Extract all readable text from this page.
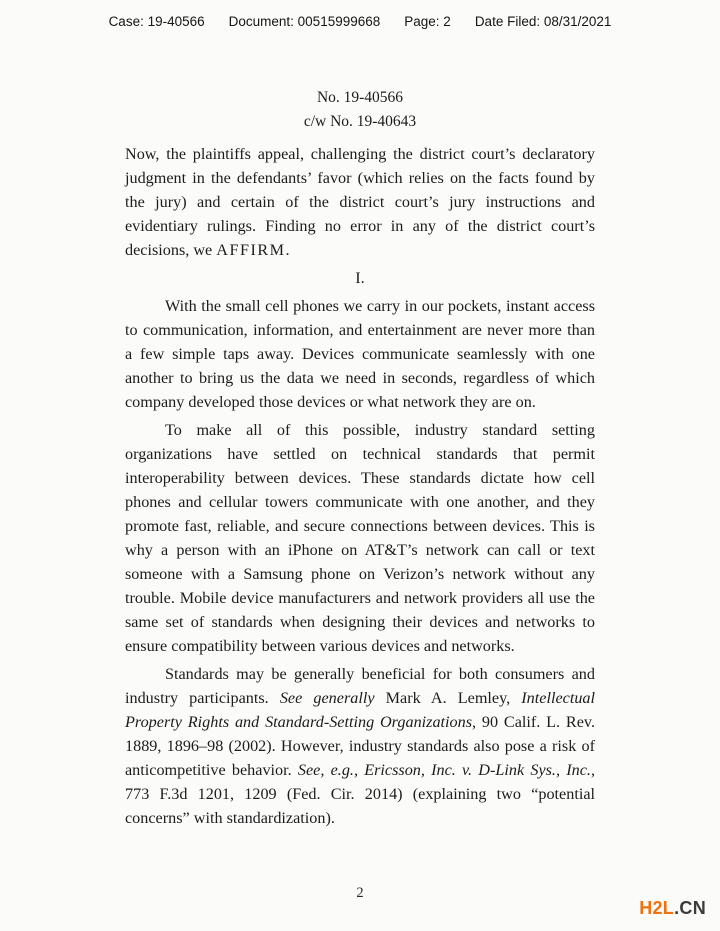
Case: 19-40566 Document: 00515999668 Page: 2 Date Filed: 08/31/2021
No. 19-40566
c/w No. 19-40643

Now, the plaintiffs appeal, challenging the district court’s declaratory judgment in the defendants’ favor (which relies on the facts found by the jury) and certain of the district court’s jury instructions and evidentiary rulings. Finding no error in any of the district court’s decisions, we AFFIRM.

I.

With the small cell phones we carry in our pockets, instant access to communication, information, and entertainment are never more than a few simple taps away. Devices communicate seamlessly with one another to bring us the data we need in seconds, regardless of which company developed those devices or what network they are on.

To make all of this possible, industry standard setting organizations have settled on technical standards that permit interoperability between devices. These standards dictate how cell phones and cellular towers communicate with one another, and they promote fast, reliable, and secure connections between devices. This is why a person with an iPhone on AT&T’s network can call or text someone with a Samsung phone on Verizon’s network without any trouble. Mobile device manufacturers and network providers all use the same set of standards when designing their devices and networks to ensure compatibility between various devices and networks.

Standards may be generally beneficial for both consumers and industry participants. See generally Mark A. Lemley, Intellectual Property Rights and Standard-Setting Organizations, 90 Calif. L. Rev. 1889, 1896–98 (2002). However, industry standards also pose a risk of anticompetitive behavior. See, e.g., Ericsson, Inc. v. D-Link Sys., Inc., 773 F.3d 1201, 1209 (Fed. Cir. 2014) (explaining two “potential concerns” with standardization).

2
H2L.CN
